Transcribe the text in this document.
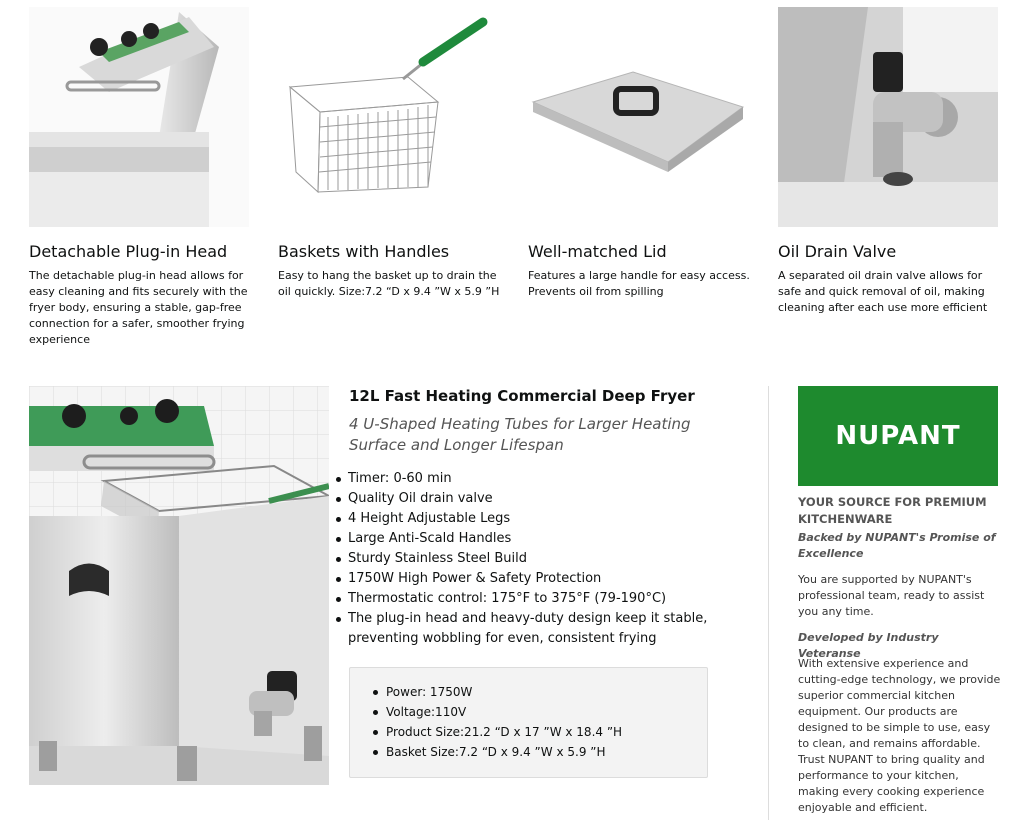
Detachable Plug-in Head
The detachable plug-in head allows for easy cleaning and fits securely with the fryer body, ensuring a stable, gap-free connection for a safer, smoother frying experience
Baskets with Handles
Easy to hang the basket up to drain the oil quickly. Size:7.2 “D x 9.4 ”W x 5.9 ”H
Well-matched Lid
Features a large handle for easy access. Prevents oil from spilling
Oil Drain Valve
A separated oil drain valve allows for safe and quick removal of oil, making cleaning after each use more efficient
12L Fast Heating Commercial Deep Fryer
4 U-Shaped Heating Tubes for Larger Heating Surface and Longer Lifespan
Timer: 0-60 min
Quality Oil drain valve
4 Height Adjustable Legs
Large Anti-Scald Handles
Sturdy Stainless Steel Build
1750W High Power & Safety Protection
Thermostatic control: 175°F to 375°F (79-190°C)
The plug-in head and heavy-duty design keep it stable, preventing wobbling for even, consistent frying
Power: 1750W
Voltage:110V
Product Size:21.2 “D x 17 ”W x 18.4 ”H
Basket Size:7.2 “D x 9.4 ”W x 5.9 ”H
NUPANT
YOUR SOURCE FOR PREMIUM KITCHENWARE
Backed by NUPANT's Promise of Excellence
You are supported by NUPANT's professional team, ready to assist you any time.
Developed by Industry Veteranse
With extensive experience and cutting-edge technology, we provide superior commercial kitchen equipment. Our products are designed to be simple to use, easy to clean, and remains affordable. Trust NUPANT to bring quality and performance to your kitchen, making every cooking experience enjoyable and efficient.
